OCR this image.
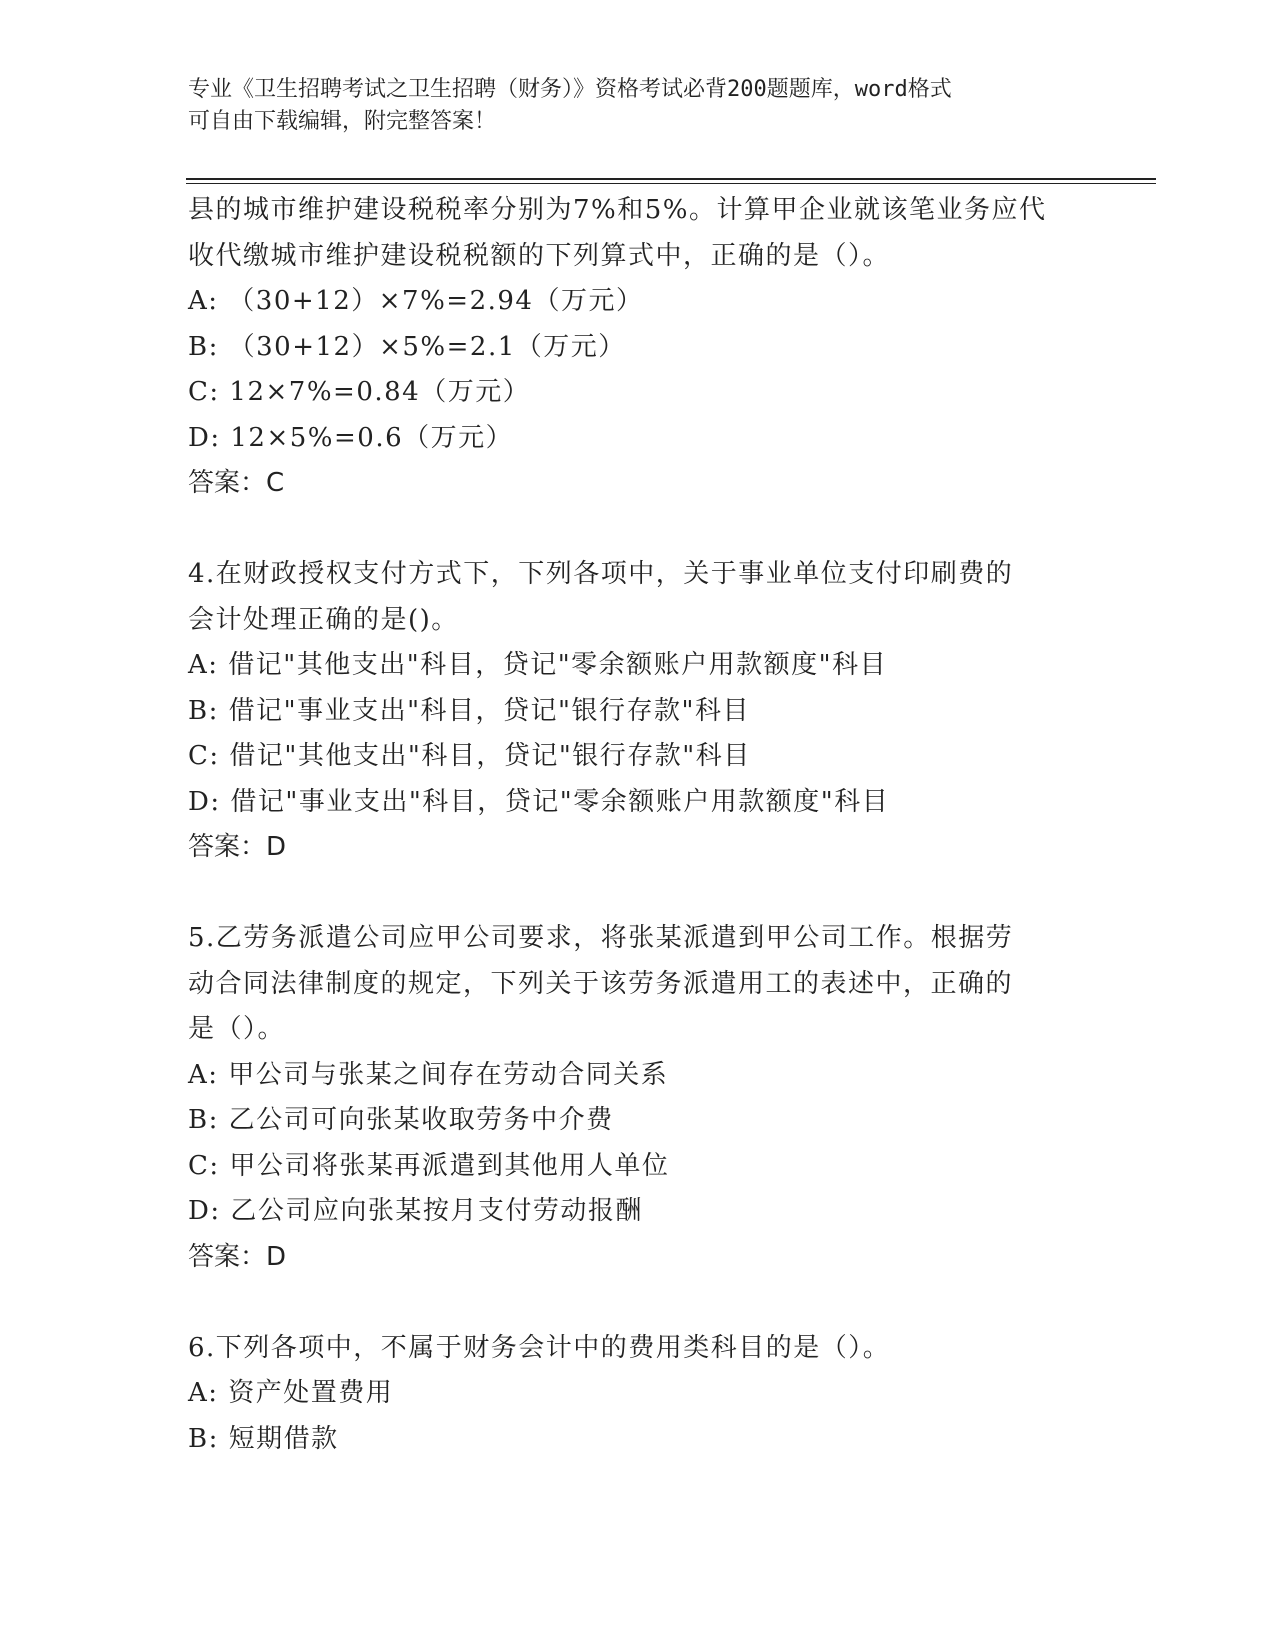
专业《卫生招聘考试之卫生招聘（财务）》资格考试必背200题题库，word格式
可自由下载编辑，附完整答案！
县的城市维护建设税税率分别为7%和5%。计算甲企业就该笔业务应代
收代缴城市维护建设税税额的下列算式中，正确的是（）。
A: （30+12）×7%=2.94（万元）
B: （30+12）×5%=2.1（万元）
C: 12×7%=0.84（万元）
D: 12×5%=0.6（万元）
答案：C
4.在财政授权支付方式下，下列各项中，关于事业单位支付印刷费的
会计处理正确的是()。
A: 借记"其他支出"科目，贷记"零余额账户用款额度"科目
B: 借记"事业支出"科目，贷记"银行存款"科目
C: 借记"其他支出"科目，贷记"银行存款"科目
D: 借记"事业支出"科目，贷记"零余额账户用款额度"科目
答案：D
5.乙劳务派遣公司应甲公司要求，将张某派遣到甲公司工作。根据劳
动合同法律制度的规定，下列关于该劳务派遣用工的表述中，正确的
是（）。
A: 甲公司与张某之间存在劳动合同关系
B: 乙公司可向张某收取劳务中介费
C: 甲公司将张某再派遣到其他用人单位
D: 乙公司应向张某按月支付劳动报酬
答案：D
6.下列各项中，不属于财务会计中的费用类科目的是（）。
A: 资产处置费用
B: 短期借款
